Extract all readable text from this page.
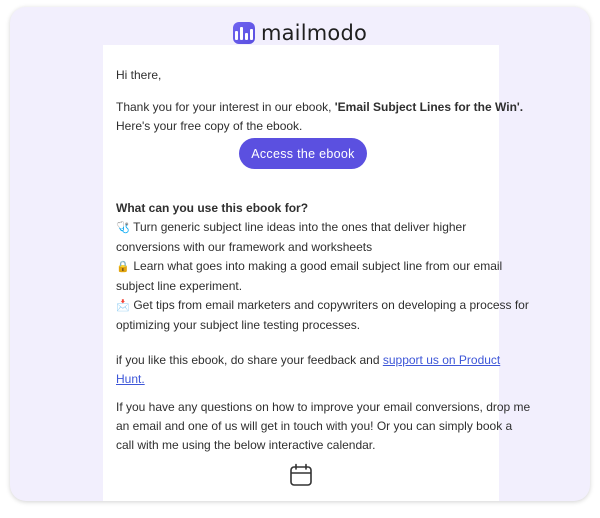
mailmodo

Hi there,

Thank you for your interest in our ebook, 'Email Subject Lines for the Win'.
Here's your free copy of the ebook.

Access the ebook

What can you use this ebook for?

🩺 Turn generic subject line ideas into the ones that deliver higher
conversions with our framework and worksheets
🔒 Learn what goes into making a good email subject line from our email
subject line experiment.
📩 Get tips from email marketers and copywriters on developing a process for
optimizing your subject line testing processes.

if you like this ebook, do share your feedback and support us on Product
Hunt.

If you have any questions on how to improve your email conversions, drop me
an email and one of us will get in touch with you! Or you can simply book a
call with me using the below interactive calendar.
